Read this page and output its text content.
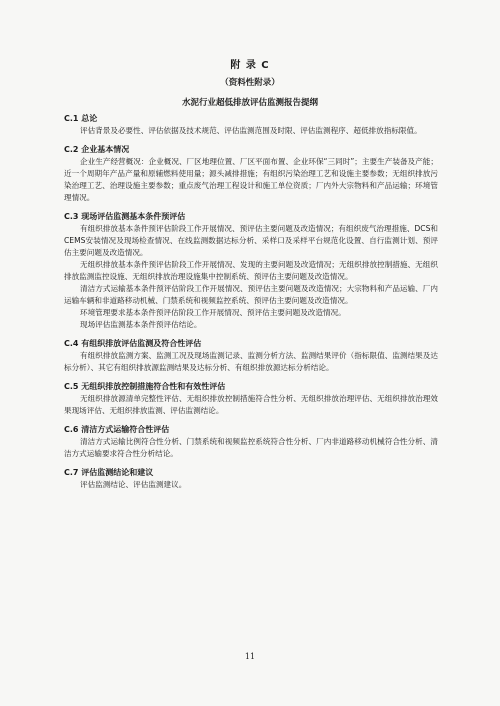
附 录 C
（资料性附录）
水泥行业超低排放评估监测报告提纲

C.1 总论

评估背景及必要性、评估依据及技术规范、评估监测范围及时限、评估监测程序、超低排放指标限值。

C.2 企业基本情况

企业生产经营概况：企业概况、厂区地理位置、厂区平面布置、企业环保“三同时”；主要生产装备及产能；近一个周期年产品产量和原辅燃料使用量；源头减排措施；有组织污染治理工艺和设施主要参数；无组织排放污染治理工艺、治理设施主要参数；重点废气治理工程设计和施工单位资质；厂内外大宗物料和产品运输；环境管理情况。

C.3 现场评估监测基本条件预评估

有组织排放基本条件预评估阶段工作开展情况、预评估主要问题及改造情况；有组织废气治理措施、DCS和CEMS安装情况及现场检查情况、在线监测数据达标分析、采样口及采样平台规范化设置、自行监测计划、预评估主要问题及改造情况。

无组织排放基本条件预评估阶段工作开展情况、发现的主要问题及改造情况；无组织排放控制措施、无组织排放监测监控设施、无组织排放治理设施集中控制系统、预评估主要问题及改造情况。

清洁方式运输基本条件预评估阶段工作开展情况、预评估主要问题及改造情况；大宗物料和产品运输、厂内运输车辆和非道路移动机械、门禁系统和视频监控系统、预评估主要问题及改造情况。

环境管理要求基本条件预评估阶段工作开展情况、预评估主要问题及改造情况。

现场评估监测基本条件预评估结论。

C.4 有组织排放评估监测及符合性评估

有组织排放监测方案、监测工况及现场监测记录、监测分析方法、监测结果评价（指标限值、监测结果及达标分析）、其它有组织排放源监测结果及达标分析、有组织排放源达标分析结论。

C.5 无组织排放控制措施符合性和有效性评估

无组织排放源清单完整性评估、无组织排放控制措施符合性分析、无组织排放治理评估、无组织排放治理效果现场评估、无组织排放监测、评估监测结论。

C.6 清洁方式运输符合性评估

清洁方式运输比例符合性分析、门禁系统和视频监控系统符合性分析、厂内非道路移动机械符合性分析、清洁方式运输要求符合性分析结论。

C.7 评估监测结论和建议

评估监测结论、评估监测建议。

11
